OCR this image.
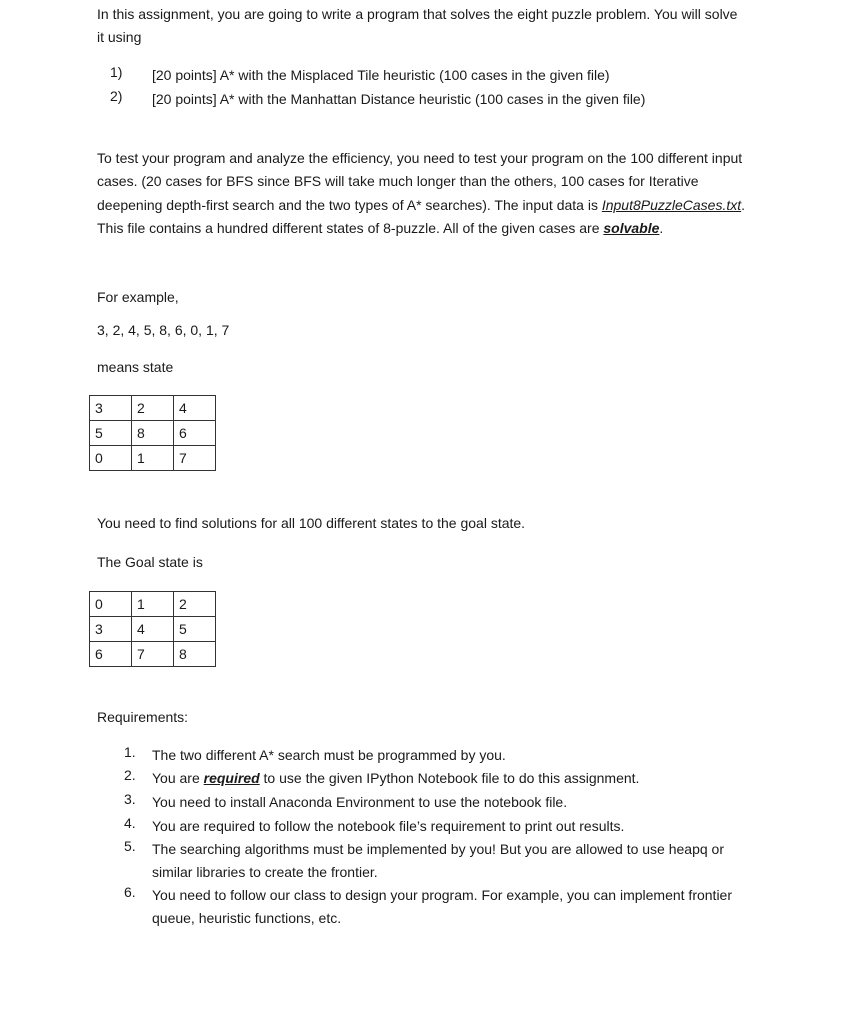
In this assignment, you are going to write a program that solves the eight puzzle problem. You will solve it using
1) [20 points] A* with the Misplaced Tile heuristic (100 cases in the given file)
2) [20 points] A* with the Manhattan Distance heuristic (100 cases in the given file)
To test your program and analyze the efficiency, you need to test your program on the 100 different input cases. (20 cases for BFS since BFS will take much longer than the others, 100 cases for Iterative deepening depth-first search and the two types of A* searches). The input data is Input8PuzzleCases.txt. This file contains a hundred different states of 8-puzzle. All of the given cases are solvable.
For example,
3, 2, 4, 5, 8, 6, 0, 1, 7
means state
3	2	4
5	8	6
0	1	7
You need to find solutions for all 100 different states to the goal state.
The Goal state is
0	1	2
3	4	5
6	7	8
Requirements:
1. The two different A* search must be programmed by you.
2. You are required to use the given IPython Notebook file to do this assignment.
3. You need to install Anaconda Environment to use the notebook file.
4. You are required to follow the notebook file’s requirement to print out results.
5. The searching algorithms must be implemented by you! But you are allowed to use heapq or similar libraries to create the frontier.
6. You need to follow our class to design your program. For example, you can implement frontier queue, heuristic functions, etc.
